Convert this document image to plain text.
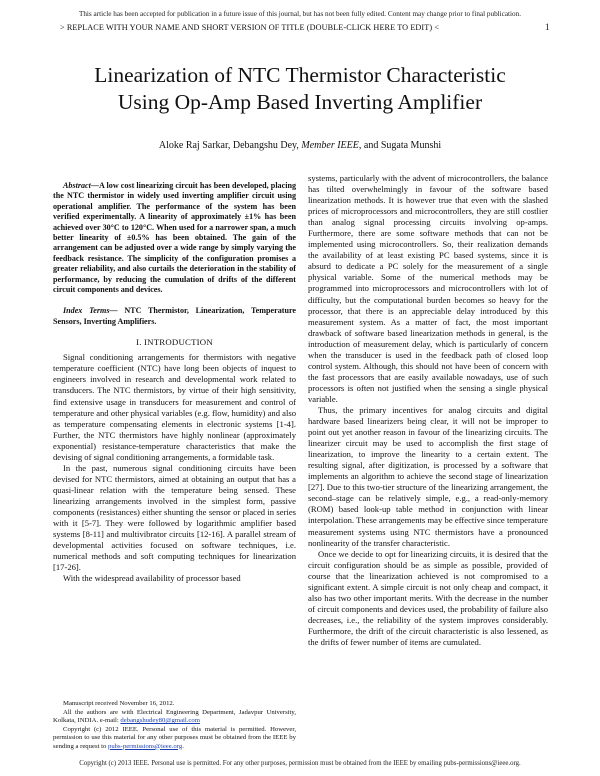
This article has been accepted for publication in a future issue of this journal, but has not been fully edited. Content may change prior to final publication.
> REPLACE WITH YOUR NAME AND SHORT VERSION OF TITLE (DOUBLE-CLICK HERE TO EDIT) <	1
Linearization of NTC Thermistor Characteristic
Using Op-Amp Based Inverting Amplifier
Aloke Raj Sarkar, Debangshu Dey, Member IEEE, and Sugata Munshi

Abstract—A low cost linearizing circuit has been developed, placing the NTC thermistor in widely used inverting amplifier circuit using operational amplifier. The performance of the system has been verified experimentally. A linearity of approximately ±1% has been achieved over 30°C to 120°C. When used for a narrower span, a much better linearity of ±0.5% has been obtained. The gain of the arrangement can be adjusted over a wide range by simply varying the feedback resistance. The simplicity of the configuration promises a greater reliability, and also curtails the deterioration in the stability of performance, by reducing the cumulation of drifts of the different circuit components and devices.

Index Terms— NTC Thermistor, Linearization, Temperature Sensors, Inverting Amplifiers.

I. INTRODUCTION

Signal conditioning arrangements for thermistors with negative temperature coefficient (NTC) have long been objects of inquest to engineers involved in research and developmental work related to transducers. The NTC thermistors, by virtue of their high sensitivity, find extensive usage in transducers for measurement and control of temperature and other physical variables (e.g. flow, humidity) and also as temperature compensating elements in electronic systems [1-4]. Further, the NTC thermistors have highly nonlinear (approximately exponential) resistance-temperature characteristics that make the devising of signal conditioning arrangements, a formidable task.

In the past, numerous signal conditioning circuits have been devised for NTC thermistors, aimed at obtaining an output that has a quasi-linear relation with the temperature being sensed. These linearizing arrangements involved in the simplest form, passive components (resistances) either shunting the sensor or placed in series with it [5-7]. They were followed by logarithmic amplifier based systems [8-11] and multivibrator circuits [12-16]. A parallel stream of developmental activities focused on software techniques, i.e. numerical methods and soft computing techniques for linearization [17-26].

With the widespread availability of processor based

Manuscript received November 16, 2012.

All the authors are with Electrical Engineering Department, Jadavpur University, Kolkata, INDIA. e-mail: debangshudey80@gmail.com

Copyright (c) 2012 IEEE. Personal use of this material is permitted. However, permission to use this material for any other purposes must be obtained from the IEEE by sending a request to pubs-permissions@ieee.org.

systems, particularly with the advent of microcontrollers, the balance has tilted overwhelmingly in favour of the software based linearization methods. It is however true that even with the slashed prices of microprocessors and microcontrollers, they are still costlier than analog signal processing circuits involving op-amps. Furthermore, there are some software methods that can not be implemented using microcontrollers. So, their realization demands the availability of at least existing PC based systems, since it is absurd to dedicate a PC solely for the measurement of a single physical variable. Some of the numerical methods may be programmed into microprocessors and microcontrollers with lot of difficulty, but the computational burden becomes so heavy for the processor, that there is an appreciable delay introduced by this measurement system. As a matter of fact, the most important drawback of software based linearization methods in general, is the introduction of measurement delay, which is particularly of concern when the transducer is used in the feedback path of closed loop control system. Although, this should not have been of concern with the fast processors that are easily available nowadays, use of such processors is often not justified when the sensing a single physical variable.

Thus, the primary incentives for analog circuits and digital hardware based linearizers being clear, it will not be improper to point out yet another reason in favour of the linearizing circuits. The linearizer circuit may be used to accomplish the first stage of linearization, to improve the linearity to a certain extent. The resulting signal, after digitization, is processed by a software that implements an algorithm to achieve the second stage of linearization [27]. Due to this two-tier structure of the linearizing arrangement, the second–stage can be relatively simple, e.g., a read-only-memory (ROM) based look-up table method in conjunction with linear interpolation. These arrangements may be effective since temperature measurement systems using NTC thermistors have a pronounced nonlinearity of the transfer characteristic.

Once we decide to opt for linearizing circuits, it is desired that the circuit configuration should be as simple as possible, provided of course that the linearization achieved is not compromised to a significant extent. A simple circuit is not only cheap and compact, it also has two other important merits. With the decrease in the number of circuit components and devices used, the probability of failure also decreases, i.e., the reliability of the system improves considerably. Furthermore, the drift of the circuit characteristic is also lessened, as the drifts of fewer number of items are cumulated.

Copyright (c) 2013 IEEE. Personal use is permitted. For any other purposes, permission must be obtained from the IEEE by emailing pubs-permissions@ieee.org.
